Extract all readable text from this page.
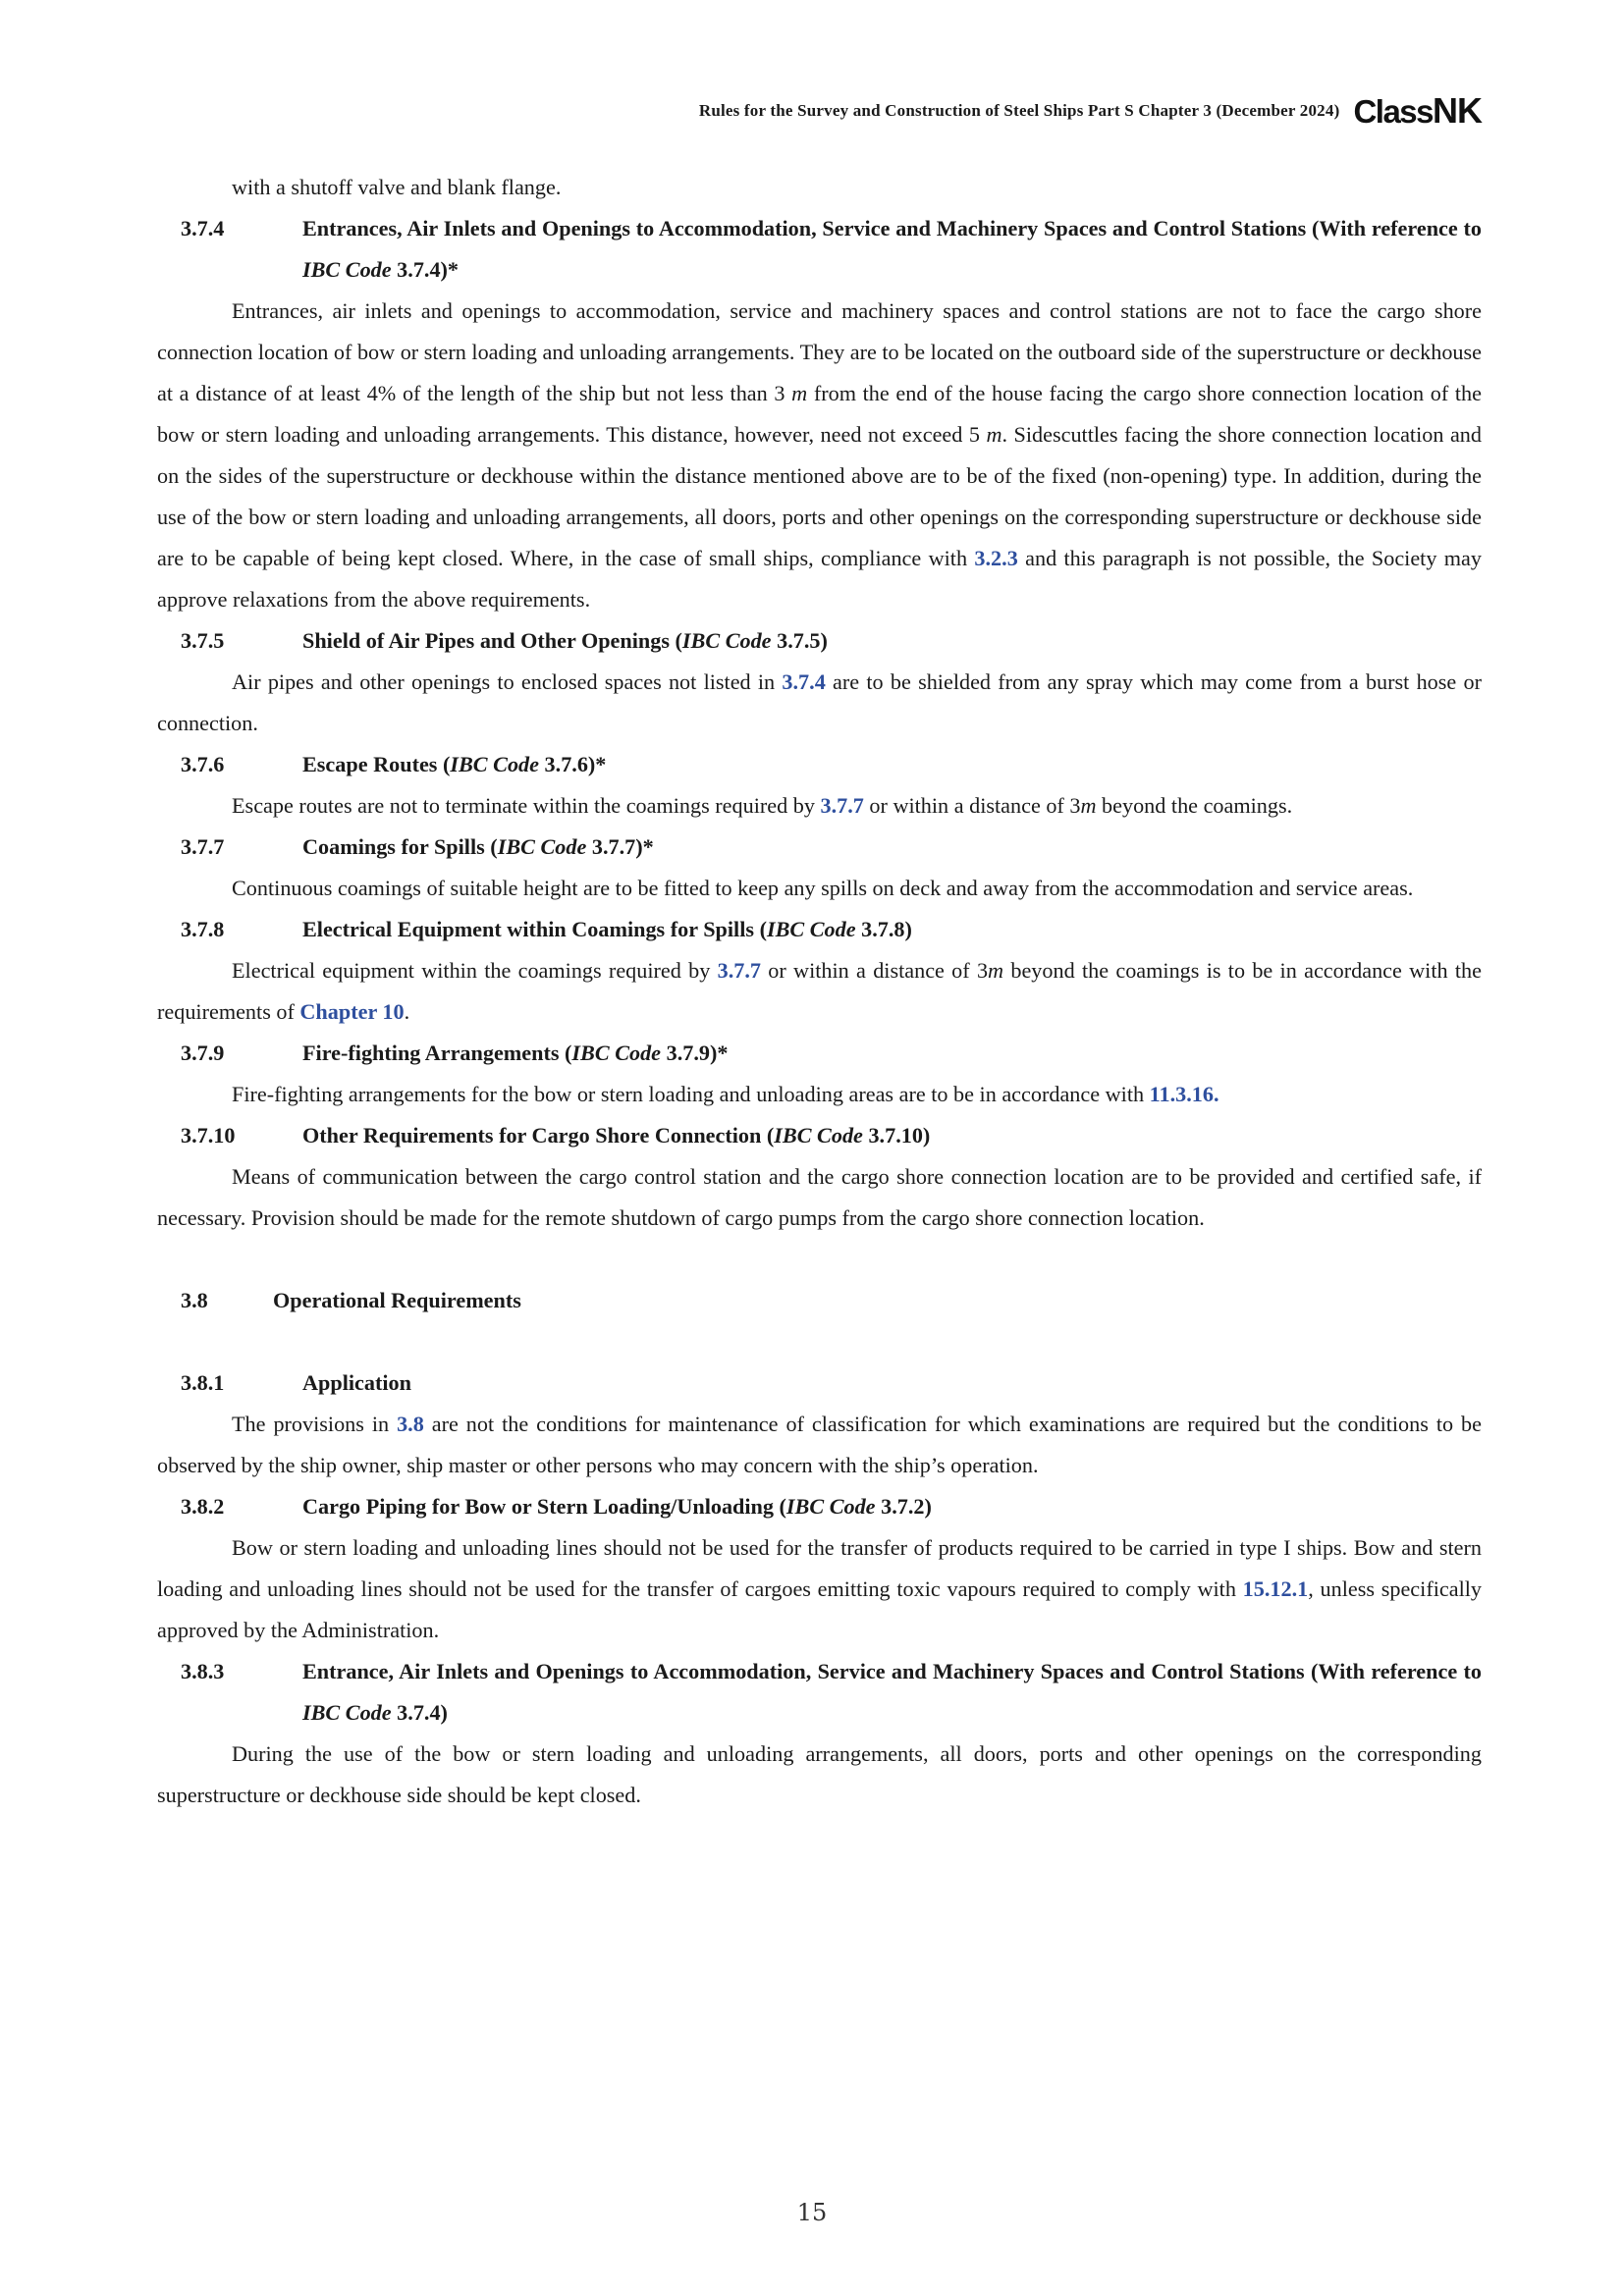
Rules for the Survey and Construction of Steel Ships Part S Chapter 3 (December 2024) ClassNK

with a shutoff valve and blank flange.

3.7.4	Entrances, Air Inlets and Openings to Accommodation, Service and Machinery Spaces and Control Stations (With reference to IBC Code 3.7.4)*

Entrances, air inlets and openings to accommodation, service and machinery spaces and control stations are not to face the cargo shore connection location of bow or stern loading and unloading arrangements. They are to be located on the outboard side of the superstructure or deckhouse at a distance of at least 4% of the length of the ship but not less than 3 m from the end of the house facing the cargo shore connection location of the bow or stern loading and unloading arrangements. This distance, however, need not exceed 5 m. Sidescuttles facing the shore connection location and on the sides of the superstructure or deckhouse within the distance mentioned above are to be of the fixed (non-opening) type. In addition, during the use of the bow or stern loading and unloading arrangements, all doors, ports and other openings on the corresponding superstructure or deckhouse side are to be capable of being kept closed. Where, in the case of small ships, compliance with 3.2.3 and this paragraph is not possible, the Society may approve relaxations from the above requirements.

3.7.5	Shield of Air Pipes and Other Openings (IBC Code 3.7.5)

Air pipes and other openings to enclosed spaces not listed in 3.7.4 are to be shielded from any spray which may come from a burst hose or connection.

3.7.6	Escape Routes (IBC Code 3.7.6)*

Escape routes are not to terminate within the coamings required by 3.7.7 or within a distance of 3m beyond the coamings.

3.7.7	Coamings for Spills (IBC Code 3.7.7)*

Continuous coamings of suitable height are to be fitted to keep any spills on deck and away from the accommodation and service areas.

3.7.8	Electrical Equipment within Coamings for Spills (IBC Code 3.7.8)

Electrical equipment within the coamings required by 3.7.7 or within a distance of 3m beyond the coamings is to be in accordance with the requirements of Chapter 10.

3.7.9	Fire-fighting Arrangements (IBC Code 3.7.9)*

Fire-fighting arrangements for the bow or stern loading and unloading areas are to be in accordance with 11.3.16.

3.7.10	Other Requirements for Cargo Shore Connection (IBC Code 3.7.10)

Means of communication between the cargo control station and the cargo shore connection location are to be provided and certified safe, if necessary. Provision should be made for the remote shutdown of cargo pumps from the cargo shore connection location.

3.8	Operational Requirements
3.8.1	Application

The provisions in 3.8 are not the conditions for maintenance of classification for which examinations are required but the conditions to be observed by the ship owner, ship master or other persons who may concern with the ship’s operation.

3.8.2	Cargo Piping for Bow or Stern Loading/Unloading (IBC Code 3.7.2)

Bow or stern loading and unloading lines should not be used for the transfer of products required to be carried in type I ships. Bow and stern loading and unloading lines should not be used for the transfer of cargoes emitting toxic vapours required to comply with 15.12.1, unless specifically approved by the Administration.

3.8.3	Entrance, Air Inlets and Openings to Accommodation, Service and Machinery Spaces and Control Stations (With reference to IBC Code 3.7.4)

During the use of the bow or stern loading and unloading arrangements, all doors, ports and other openings on the corresponding superstructure or deckhouse side should be kept closed.

15
